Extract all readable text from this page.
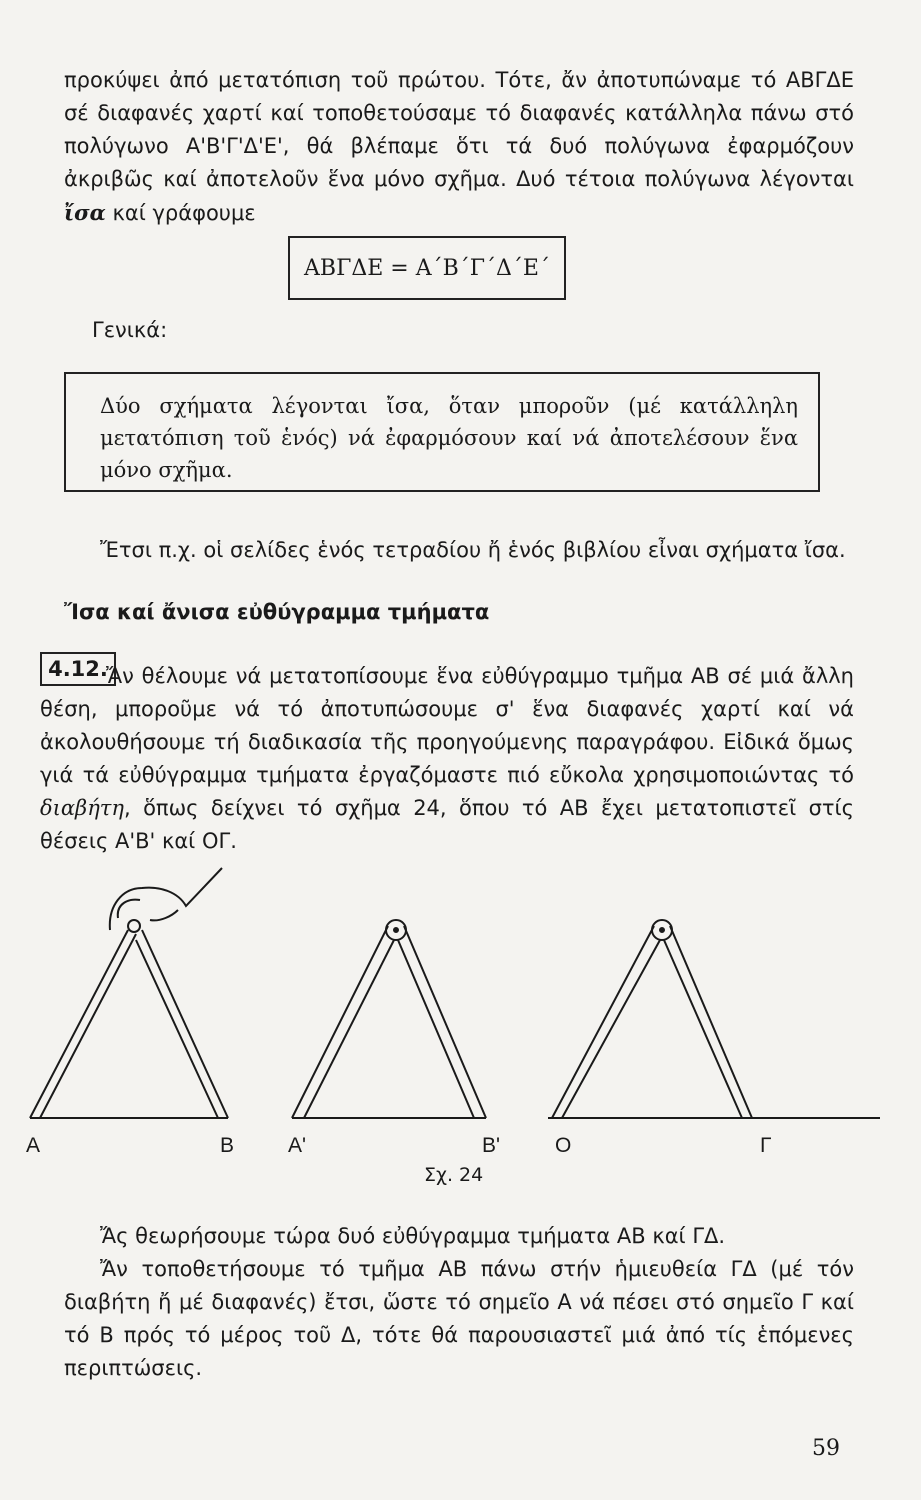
προκύψει ἀπό μετατόπιση τοῦ πρώτου. Τότε, ἄν ἀποτυπώναμε τό ΑΒΓΔΕ σέ διαφανές χαρτί καί τοποθετούσαμε τό διαφανές κατάλληλα πάνω στό πολύγωνο Α'Β'Γ'Δ'Ε', θά βλέπαμε ὅτι τά δυό πολύγωνα ἐφαρμόζουν ἀκριβῶς καί ἀποτελοῦν ἕνα μόνο σχῆμα. Δυό τέτοια πολύγωνα λέγονται ἴσα καί γράφουμε

ΑΒΓΔΕ = Α΄Β΄Γ΄Δ΄Ε΄

Γενικά:

Δύο σχήματα λέγονται ἴσα, ὅταν μποροῦν (μέ κατάλληλη μετατόπιση τοῦ ἑνός) νά ἐφαρμόσουν καί νά ἀποτελέσουν ἕνα μόνο σχῆμα.

Ἔτσι π.χ. οἱ σελίδες ἑνός τετραδίου ἤ ἑνός βιβλίου εἶναι σχήματα ἴσα.

Ἴσα καί ἄνισα εὐθύγραμμα τμήματα

4.12.

Ἄν θέλουμε νά μετατοπίσουμε ἕνα εὐθύγραμμο τμῆμα ΑΒ σέ μιά ἄλλη θέση, μποροῦμε νά τό ἀποτυπώσουμε σ' ἕνα διαφανές χαρτί καί νά ἀκολουθήσουμε τή διαδικασία τῆς προηγούμενης παραγράφου. Εἰδικά ὅμως γιά τά εὐθύγραμμα τμήματα ἐργαζόμαστε πιό εὔκολα χρησιμοποιώντας τό διαβήτη, ὅπως δείχνει τό σχῆμα 24, ὅπου τό ΑΒ ἔχει μετατοπιστεῖ στίς θέσεις Α'Β' καί ΟΓ.

Α	Β	Α'	Β'	Ο	Γ
Σχ. 24

Ἄς θεωρήσουμε τώρα δυό εὐθύγραμμα τμήματα ΑΒ καί ΓΔ.

Ἄν τοποθετήσουμε τό τμῆμα ΑΒ πάνω στήν ἡμιευθεία ΓΔ (μέ τόν διαβήτη ἤ μέ διαφανές) ἔτσι, ὥστε τό σημεῖο Α νά πέσει στό σημεῖο Γ καί τό Β πρός τό μέρος τοῦ Δ, τότε θά παρουσιαστεῖ μιά ἀπό τίς ἑπόμενες περιπτώσεις.

59
